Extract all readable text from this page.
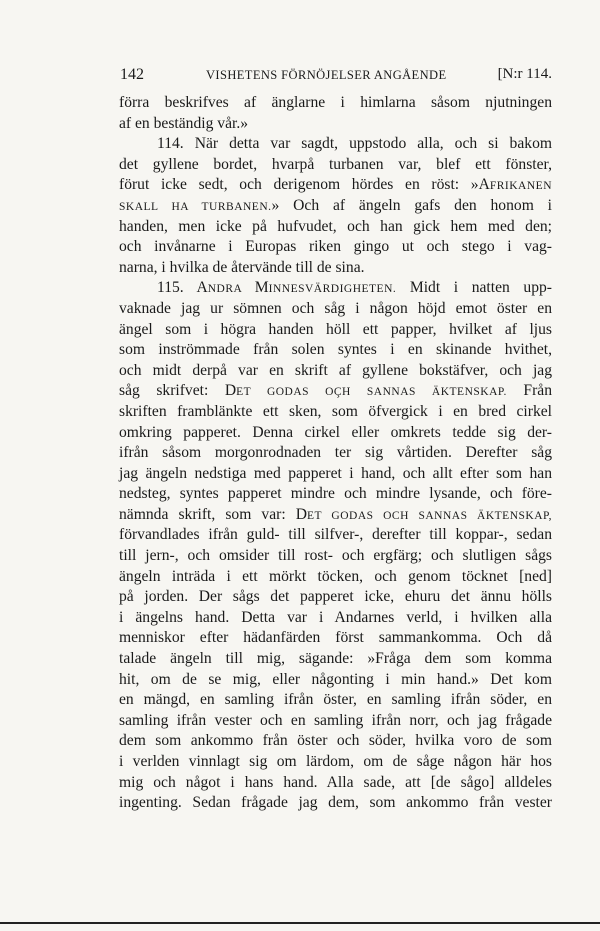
142	VISHETENS FÖRNÖJELSER ANGÅENDE	[N:r 114.
förra beskrifves af änglarne i himlarna såsom njutningen
af en beständig vår.»
114. När detta var sagdt, uppstodo alla, och si bakom
det gyllene bordet, hvarpå turbanen var, blef ett fönster,
förut icke sedt, och derigenom hördes en röst: »AFRIKANEN
SKALL HA TURBANEN.» Och af ängeln gafs den honom i
handen, men icke på hufvudet, och han gick hem med den;
och invånarne i Europas riken gingo ut och stego i vag-
narna, i hvilka de återvände till de sina.
115. ANDRA MINNESVÄRDIGHETEN. Midt i natten upp-
vaknade jag ur sömnen och såg i någon höjd emot öster en
ängel som i högra handen höll ett papper, hvilket af ljus
som inströmmade från solen syntes i en skinande hvithet,
och midt derpå var en skrift af gyllene bokstäfver, och jag
såg skrifvet: DET GODAS OÇH SANNAS ÄKTENSKAP. Från
skriften framblänkte ett sken, som öfvergick i en bred cirkel
omkring papperet. Denna cirkel eller omkrets tedde sig der-
ifrån såsom morgonrodnaden ter sig vårtiden. Derefter såg
jag ängeln nedstiga med papperet i hand, och allt efter som han
nedsteg, syntes papperet mindre och mindre lysande, och före-
nämnda skrift, som var: DET GODAS OCH SANNAS ÄKTENSKAP,
förvandlades ifrån guld- till silfver-, derefter till koppar-, sedan
till jern-, och omsider till rost- och ergfärg; och slutligen sågs
ängeln inträda i ett mörkt töcken, och genom töcknet [ned]
på jorden. Der sågs det papperet icke, ehuru det ännu hölls
i ängelns hand. Detta var i Andarnes verld, i hvilken alla
menniskor efter hädanfärden först sammankomma. Och då
talade ängeln till mig, sägande: »Fråga dem som komma
hit, om de se mig, eller någonting i min hand.» Det kom
en mängd, en samling ifrån öster, en samling ifrån söder, en
samling ifrån vester och en samling ifrån norr, och jag frågade
dem som ankommo från öster och söder, hvilka voro de som
i verlden vinnlagt sig om lärdom, om de såge någon här hos
mig och något i hans hand. Alla sade, att [de sågo] alldeles
ingenting. Sedan frågade jag dem, som ankommo från vester
